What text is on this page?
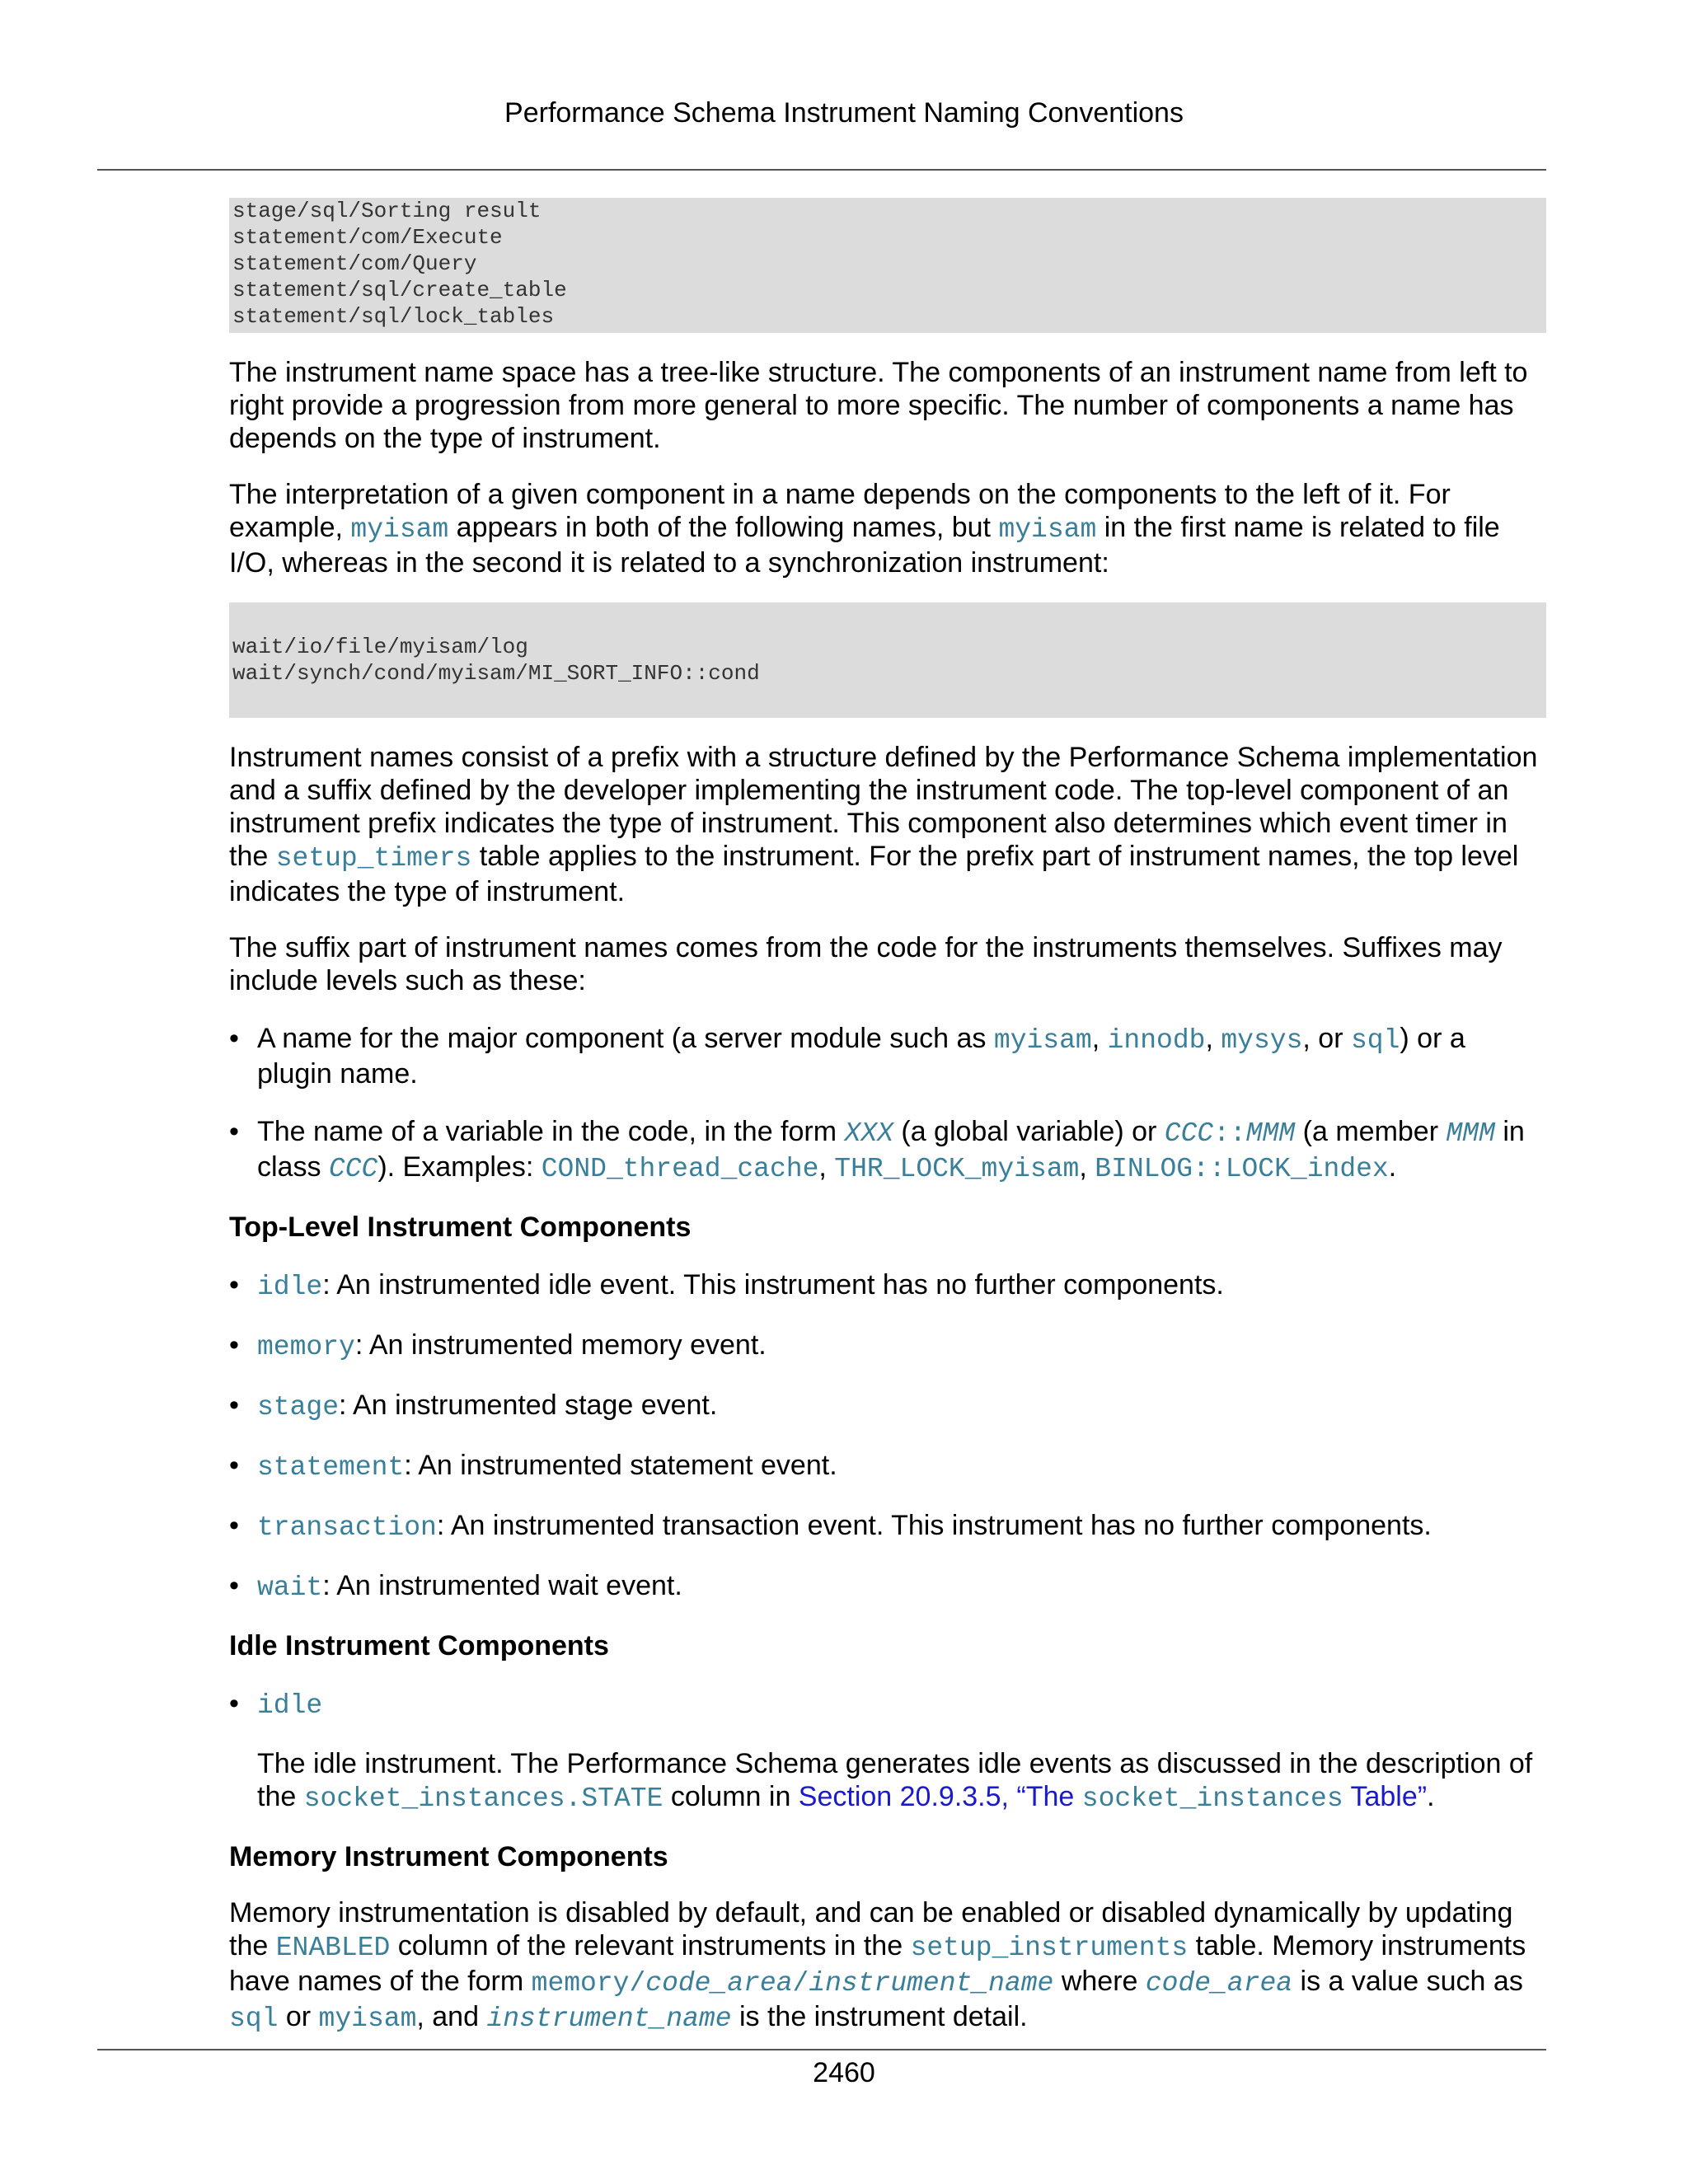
Performance Schema Instrument Naming Conventions
stage/sql/Sorting result
statement/com/Execute
statement/com/Query
statement/sql/create_table
statement/sql/lock_tables

The instrument name space has a tree-like structure. The components of an instrument name from left to right provide a progression from more general to more specific. The number of components a name has depends on the type of instrument.

The interpretation of a given component in a name depends on the components to the left of it. For example, myisam appears in both of the following names, but myisam in the first name is related to file I/O, whereas in the second it is related to a synchronization instrument:

wait/io/file/myisam/log
wait/synch/cond/myisam/MI_SORT_INFO::cond

Instrument names consist of a prefix with a structure defined by the Performance Schema implementation and a suffix defined by the developer implementing the instrument code. The top-level component of an instrument prefix indicates the type of instrument. This component also determines which event timer in the setup_timers table applies to the instrument. For the prefix part of instrument names, the top level indicates the type of instrument.

The suffix part of instrument names comes from the code for the instruments themselves. Suffixes may include levels such as these:

• A name for the major component (a server module such as myisam, innodb, mysys, or sql) or a plugin name.

• The name of a variable in the code, in the form XXX (a global variable) or CCC::MMM (a member MMM in class CCC). Examples: COND_thread_cache, THR_LOCK_myisam, BINLOG::LOCK_index.

Top-Level Instrument Components
• idle: An instrumented idle event. This instrument has no further components.

• memory: An instrumented memory event.

• stage: An instrumented stage event.

• statement: An instrumented statement event.

• transaction: An instrumented transaction event. This instrument has no further components.

• wait: An instrumented wait event.

Idle Instrument Components
• idle

The idle instrument. The Performance Schema generates idle events as discussed in the description of the socket_instances.STATE column in Section 20.9.3.5, “The socket_instances Table”.

Memory Instrument Components

Memory instrumentation is disabled by default, and can be enabled or disabled dynamically by updating the ENABLED column of the relevant instruments in the setup_instruments table. Memory instruments have names of the form memory/code_area/instrument_name where code_area is a value such as sql or myisam, and instrument_name is the instrument detail.

2460
